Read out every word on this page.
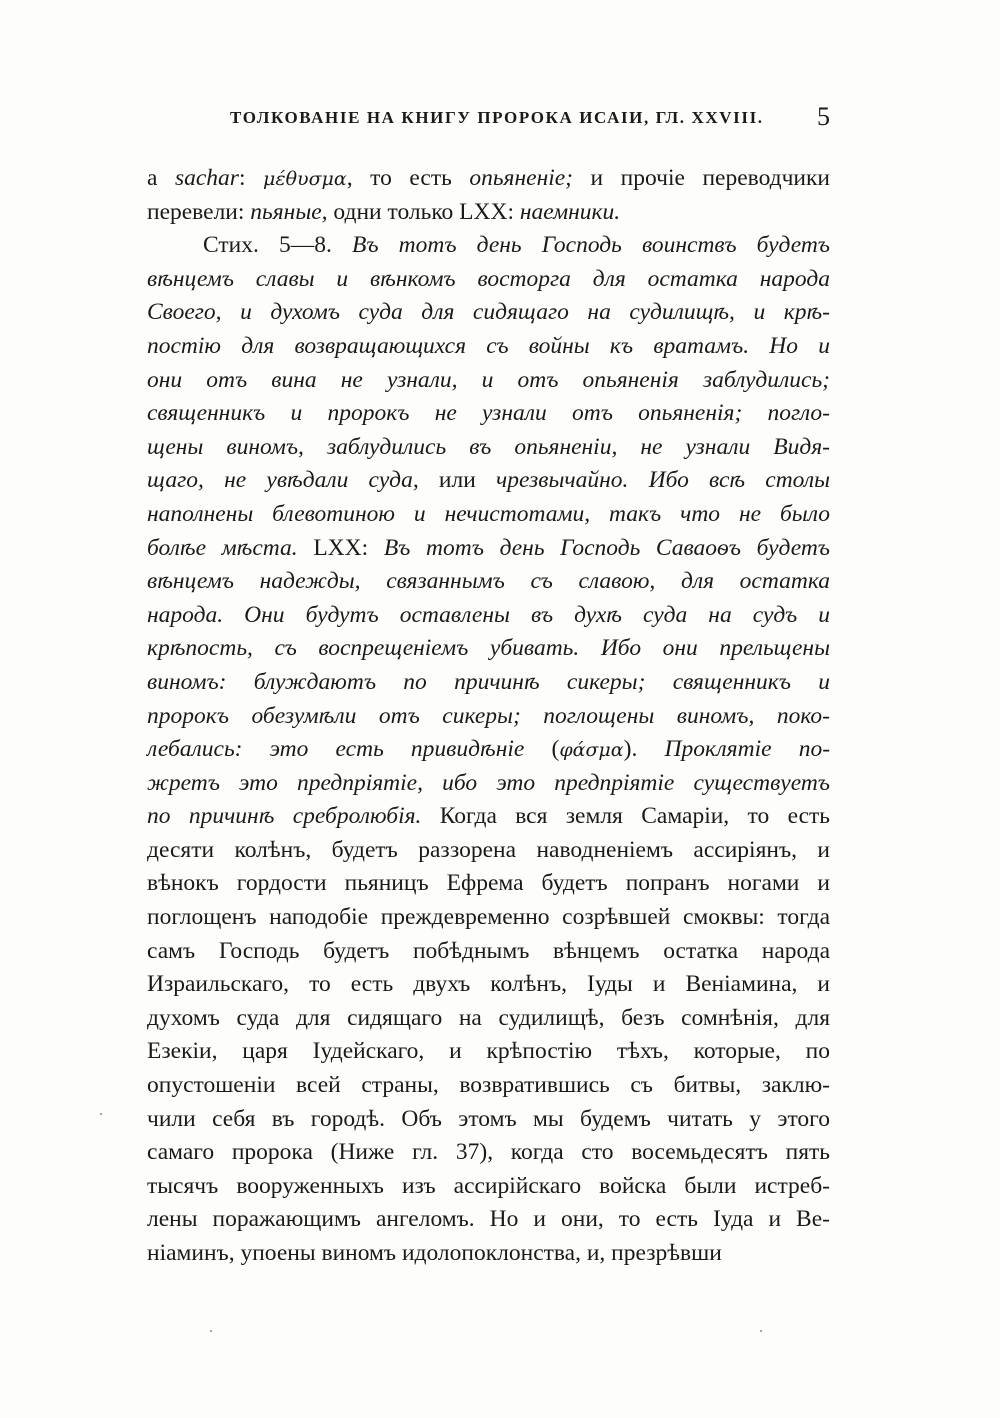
ТОЛКОВАНІЕ НА КНИГУ ПРОРОКА ИСАІИ, ГЛ. XXVIII. 5
a sachar: μέθυσμα, то есть опьяненіе; и прочіе переводчики
перевели: пьяные, одни только LXX: наемники.
Стих. 5—8. Въ тотъ день Господь воинствъ будетъ
вѣнцемъ славы и вѣнкомъ восторга для остатка народа
Своего, и духомъ суда для сидящаго на судилищѣ, и крѣ-
постію для возвращающихся съ войны къ вратамъ. Но и
они отъ вина не узнали, и отъ опьяненія заблудились;
священникъ и пророкъ не узнали отъ опьяненія; погло-
щены виномъ, заблудились въ опьяненіи, не узнали Видя-
щаго, не увѣдали суда, или чрезвычайно. Ибо всѣ столы
наполнены блевотиною и нечистотами, такъ что не было
болѣе мѣста. LXX: Въ тотъ день Господь Саваоѳъ будетъ
вѣнцемъ надежды, связаннымъ съ славою, для остатка
народа. Они будутъ оставлены въ духѣ суда на судъ и
крѣпость, съ воспрещеніемъ убивать. Ибо они прельщены
виномъ: блуждаютъ по причинѣ сикеры; священникъ и
пророкъ обезумѣли отъ сикеры; поглощены виномъ, поко-
лебались: это есть привидѣніе (φάσμα). Проклятіе по-
жретъ это предпріятіе, ибо это предпріятіе существуетъ
по причинѣ сребролюбія. Когда вся земля Самаріи, то есть
десяти колѣнъ, будетъ раззорена наводненіемъ ассиріянъ, и
вѣнокъ гордости пьяницъ Ефрема будетъ попранъ ногами и
поглощенъ наподобіе преждевременно созрѣвшей смоквы: тогда
самъ Господь будетъ побѣднымъ вѣнцемъ остатка народа
Израильскаго, то есть двухъ колѣнъ, Іуды и Веніамина, и
духомъ суда для сидящаго на судилищѣ, безъ сомнѣнія, для
Езекіи, царя Іудейскаго, и крѣпостію тѣхъ, которые, по
опустошеніи всей страны, возвратившись съ битвы, заклю-
чили себя въ городѣ. Объ этомъ мы будемъ читать у этого
самаго пророка (Ниже гл. 37), когда сто восемьдесятъ пять
тысячъ вооруженныхъ изъ ассирійскаго войска были истреб-
лены поражающимъ ангеломъ. Но и они, то есть Іуда и Ве-
ніаминъ, упоены виномъ идолопоклонства, и, презрѣвши
